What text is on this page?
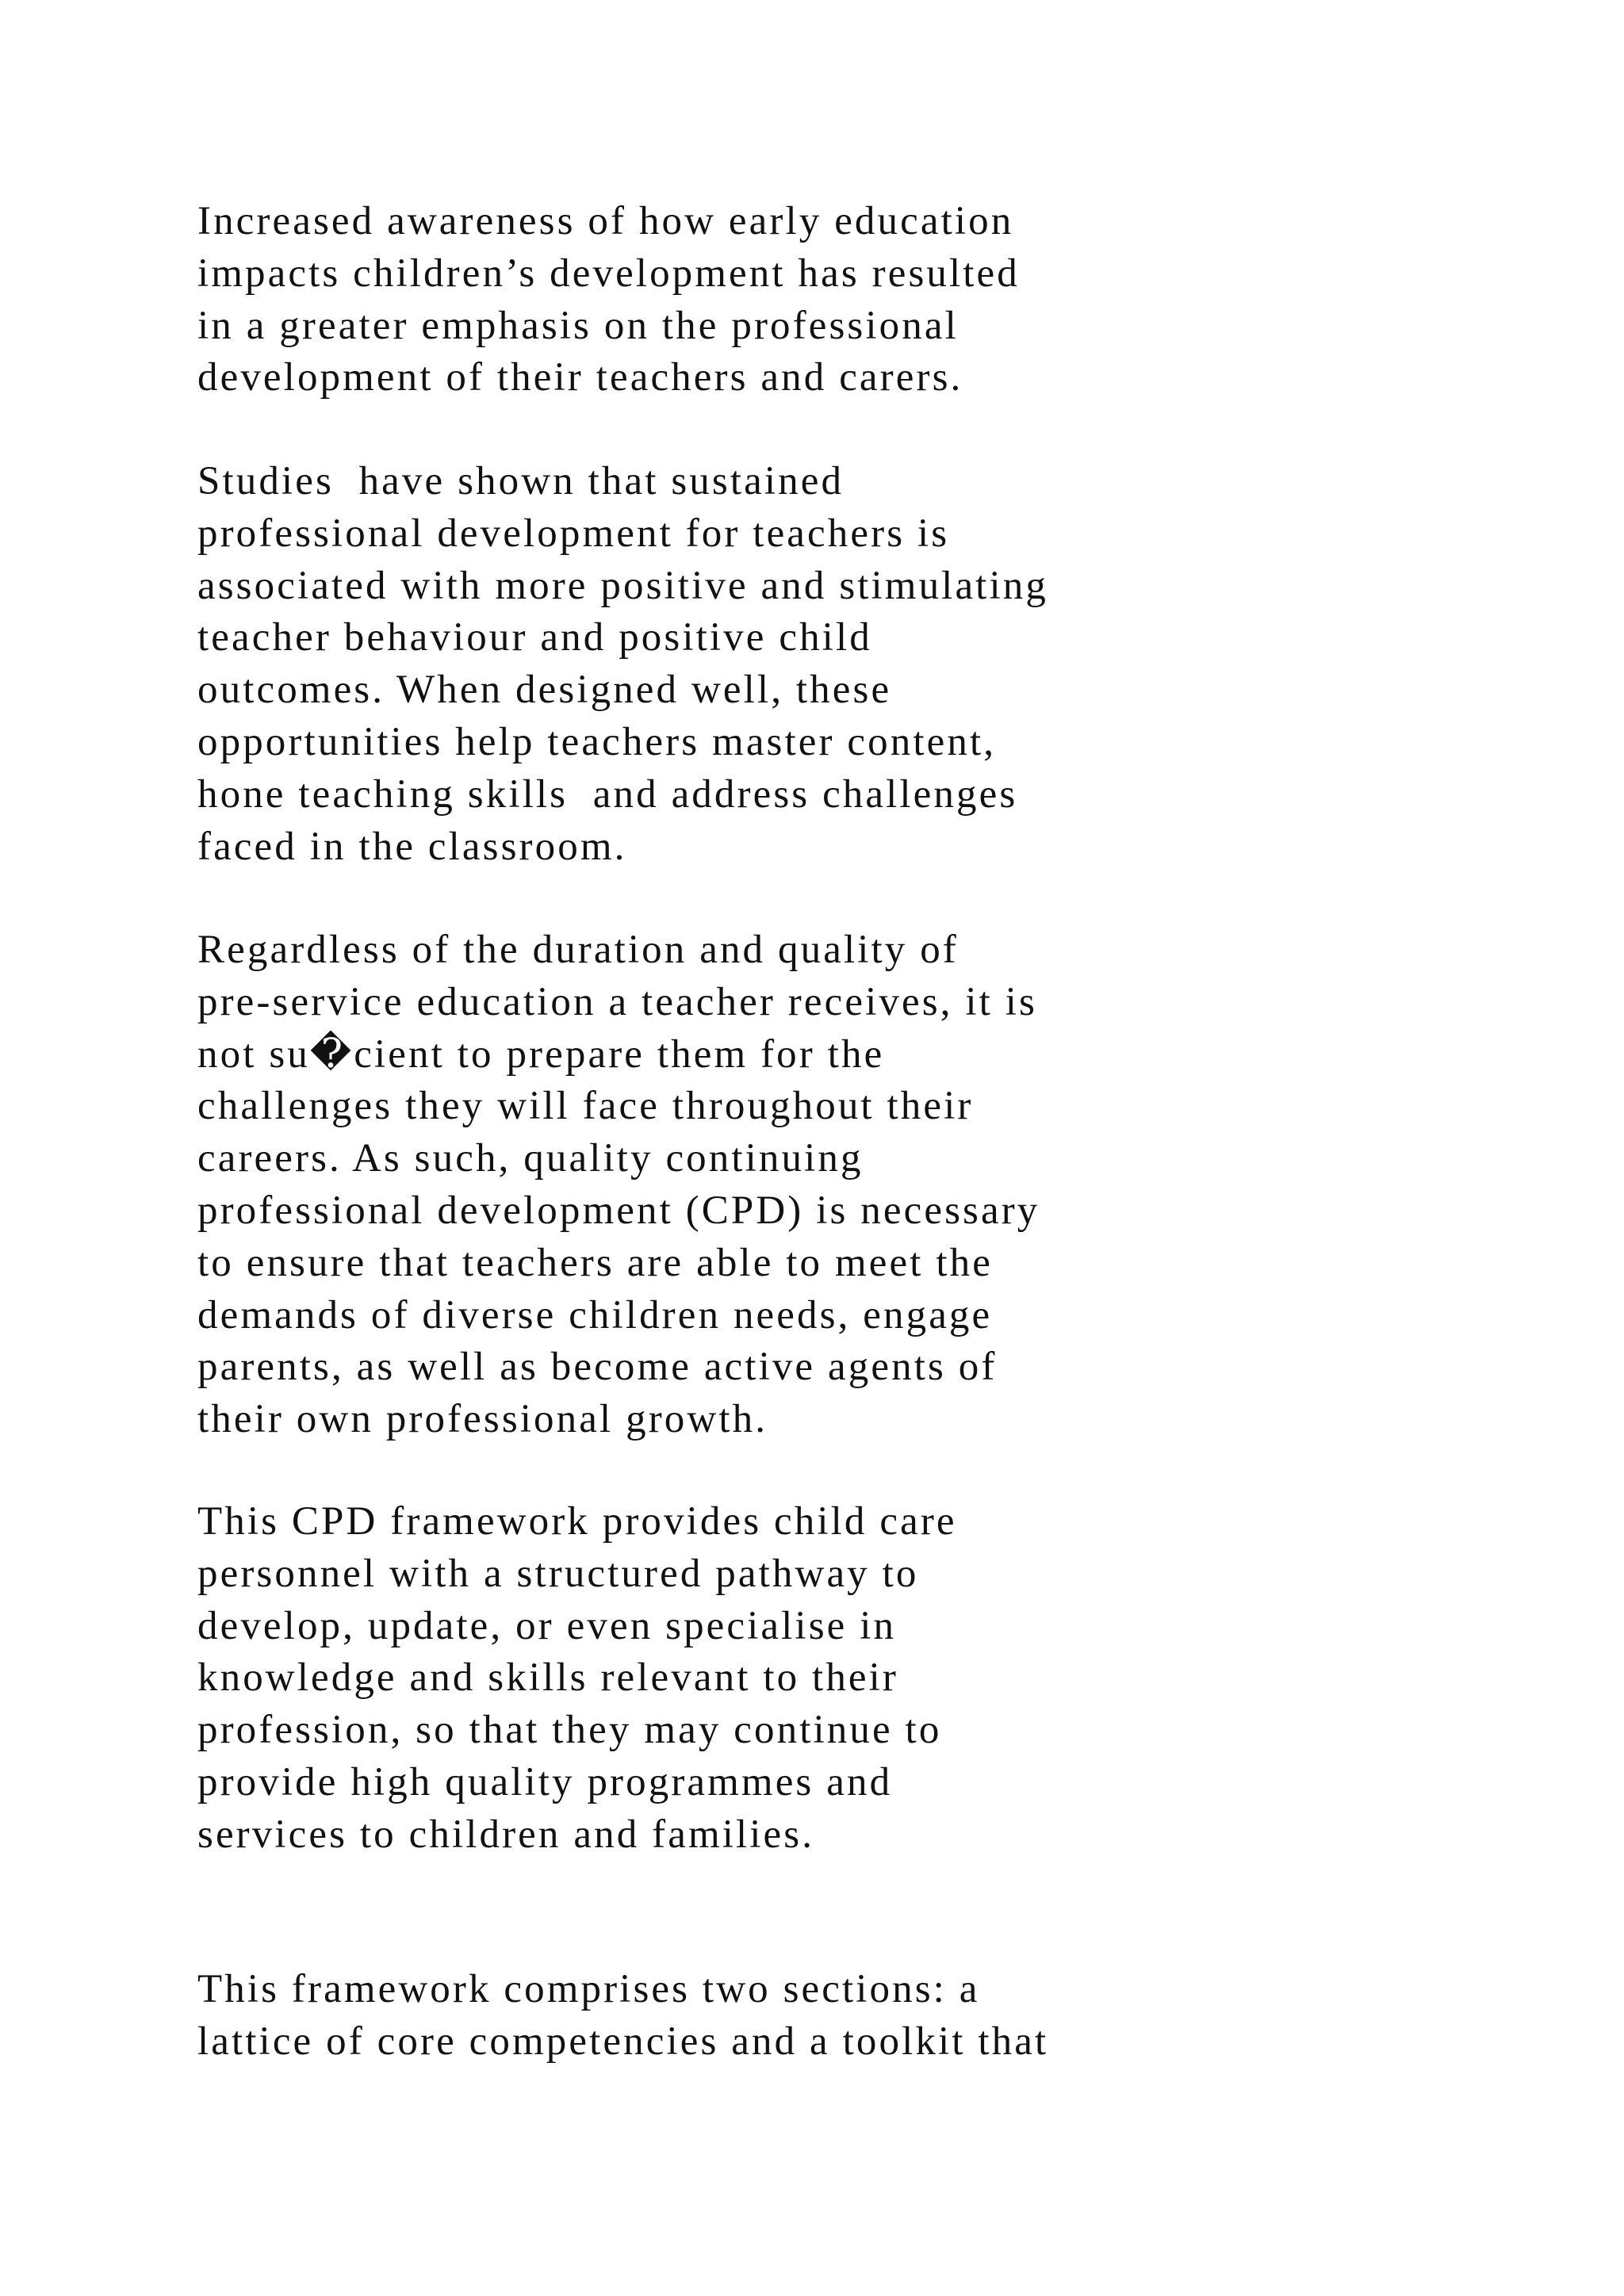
Increased awareness of how early education
impacts children’s development has resulted
in a greater emphasis on the professional
development of their teachers and carers.

Studies  have shown that sustained
professional development for teachers is
associated with more positive and stimulating
teacher behaviour and positive child
outcomes. When designed well, these
opportunities help teachers master content,
hone teaching skills  and address challenges
faced in the classroom.

Regardless of the duration and quality of
pre-service education a teacher receives, it is
not su�cient to prepare them for the
challenges they will face throughout their
careers. As such, quality continuing
professional development (CPD) is necessary
to ensure that teachers are able to meet the
demands of diverse children needs, engage
parents, as well as become active agents of
their own professional growth.

This CPD framework provides child care
personnel with a structured pathway to
develop, update, or even specialise in
knowledge and skills relevant to their
profession, so that they may continue to
provide high quality programmes and
services to children and families.

This framework comprises two sections: a
lattice of core competencies and a toolkit that
